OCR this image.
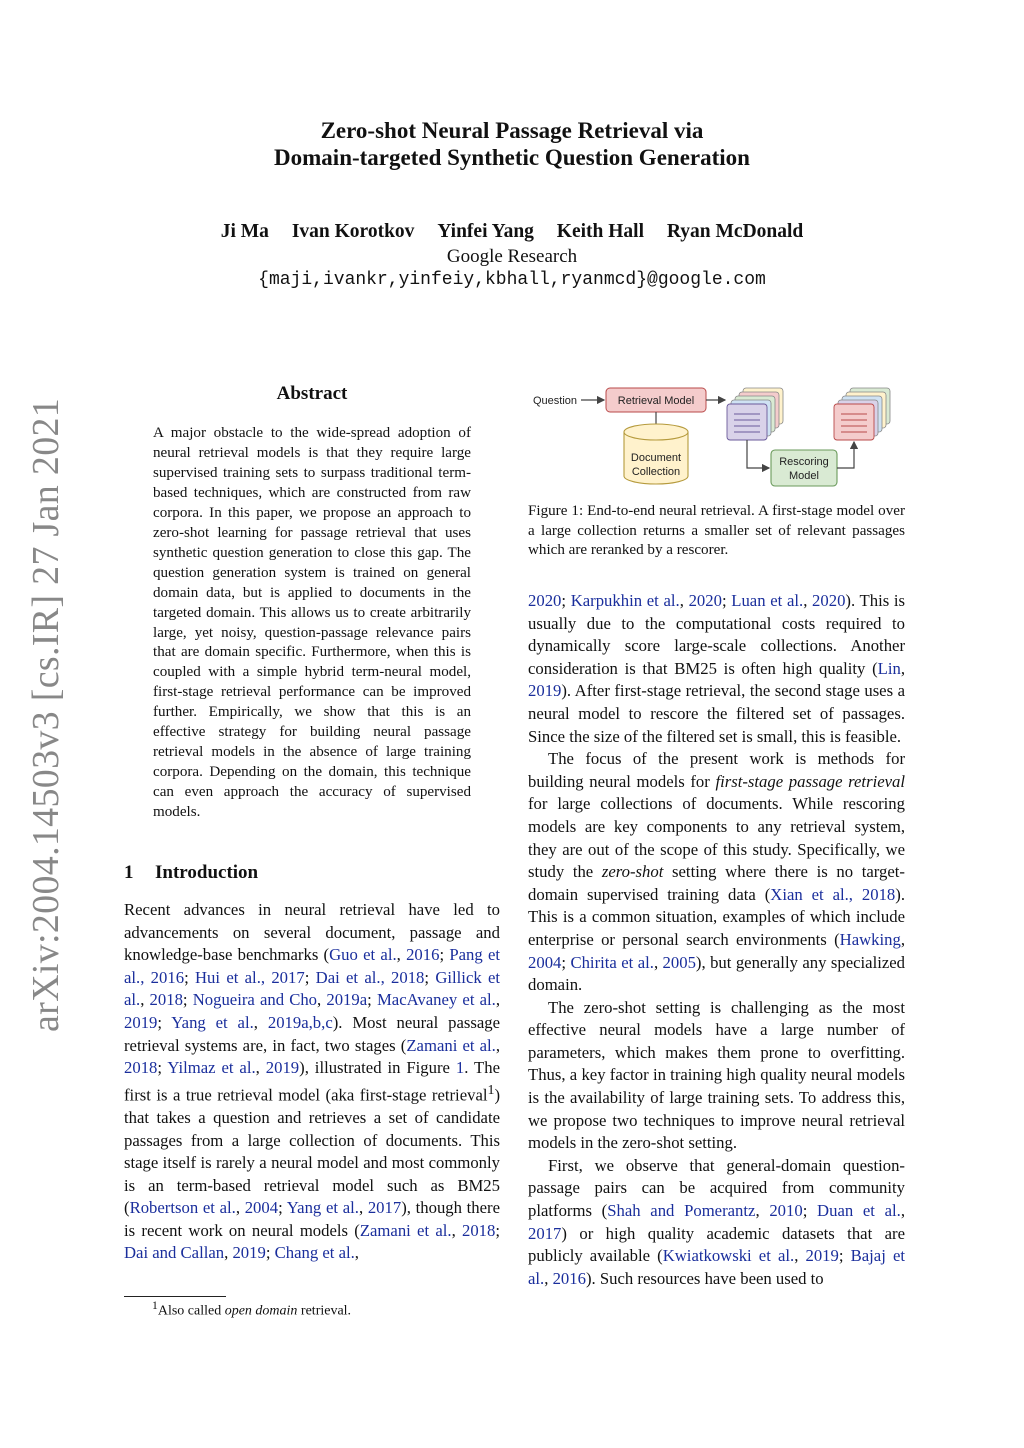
arXiv:2004.14503v3 [cs.IR] 27 Jan 2021
Zero-shot Neural Passage Retrieval via
Domain-targeted Synthetic Question Generation
Ji Ma Ivan Korotkov Yinfei Yang Keith Hall Ryan McDonald
Google Research
{maji,ivankr,yinfeiy,kbhall,ryanmcd}@google.com
Abstract
A major obstacle to the wide-spread adoption of neural retrieval models is that they require large supervised training sets to surpass traditional term-based techniques, which are constructed from raw corpora. In this paper, we propose an approach to zero-shot learning for passage retrieval that uses synthetic question generation to close this gap. The question generation system is trained on general domain data, but is applied to documents in the targeted domain. This allows us to create arbitrarily large, yet noisy, question-passage relevance pairs that are domain specific. Furthermore, when this is coupled with a simple hybrid term-neural model, first-stage retrieval performance can be improved further. Empirically, we show that this is an effective strategy for building neural passage retrieval models in the absence of large training corpora. Depending on the domain, this technique can even approach the accuracy of supervised models.
1 Introduction
Recent advances in neural retrieval have led to advancements on several document, passage and knowledge-base benchmarks (Guo et al., 2016; Pang et al., 2016; Hui et al., 2017; Dai et al., 2018; Gillick et al., 2018; Nogueira and Cho, 2019a; MacAvaney et al., 2019; Yang et al., 2019a,b,c). Most neural passage retrieval systems are, in fact, two stages (Zamani et al., 2018; Yilmaz et al., 2019), illustrated in Figure 1. The first is a true retrieval model (aka first-stage retrieval$^1$) that takes a question and retrieves a set of candidate passages from a large collection of documents. This stage itself is rarely a neural model and most commonly is an term-based retrieval model such as BM25 (Robertson et al., 2004; Yang et al., 2017), though there is recent work on neural models (Zamani et al., 2018; Dai and Callan, 2019; Chang et al.,
$^1$Also called open domain retrieval.
Question	Retrieval Model
Document
Collection
Rescoring
Model
Figure 1: End-to-end neural retrieval. A first-stage model over a large collection returns a smaller set of relevant passages which are reranked by a rescorer.

2020; Karpukhin et al., 2020; Luan et al., 2020). This is usually due to the computational costs required to dynamically score large-scale collections. Another consideration is that BM25 is often high quality (Lin, 2019). After first-stage retrieval, the second stage uses a neural model to rescore the filtered set of passages. Since the size of the filtered set is small, this is feasible.

The focus of the present work is methods for building neural models for first-stage passage retrieval for large collections of documents. While rescoring models are key components to any retrieval system, they are out of the scope of this study. Specifically, we study the zero-shot setting where there is no target-domain supervised training data (Xian et al., 2018). This is a common situation, examples of which include enterprise or personal search environments (Hawking, 2004; Chirita et al., 2005), but generally any specialized domain.

The zero-shot setting is challenging as the most effective neural models have a large number of parameters, which makes them prone to overfitting. Thus, a key factor in training high quality neural models is the availability of large training sets. To address this, we propose two techniques to improve neural retrieval models in the zero-shot setting.

First, we observe that general-domain question-passage pairs can be acquired from community platforms (Shah and Pomerantz, 2010; Duan et al., 2017) or high quality academic datasets that are publicly available (Kwiatkowski et al., 2019; Bajaj et al., 2016). Such resources have been used to
